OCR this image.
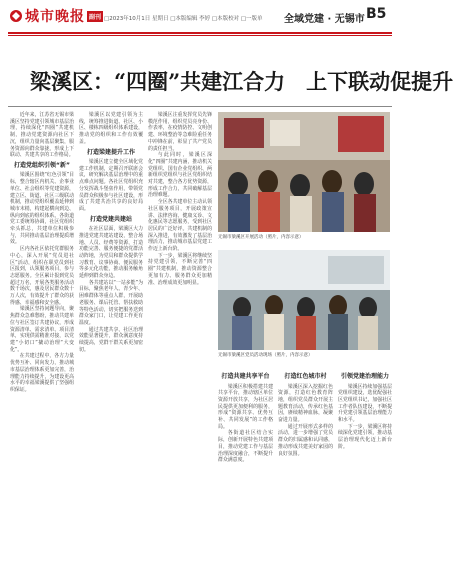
城市晚报 副刊 □2023年10月1日 星期日 □本版编辑 李婷 □本版校对 □一版单 全域党建 · 无锡市 B5
梁溪区：“四圈”共建江合力　上下联动促提升

近年来，江苏省无锡市梁溪区坚持党建引领城市基层治理，持续深化“四圈”共建机制，推动党建资源向社区下沉，组织力量向基层聚集，服务资源向群众靠拢，形成上下联动、共建共享的工作格局。

打造党组织引领“新”

梁溪区围绕“红色引领”目标，整合辖区内机关、企事业单位、社会组织等党建资源，建立区、街道、社区三级联动机制，推动党组织覆盖延伸到城市末梢，构建起横向到边、纵向到底的组织体系。各街道党工委统筹协调，社区党组织牵头抓总，共建单位积极参与，共同推动基层治理提质增效。

区内各社区依托党群服务中心，深入开展“党员进社区”活动，组织在职党员到社区报到，认领服务项目，参与志愿服务。全区累计报到党员超过万名，开展各类服务活动数千场次，惠及居民群众数十万人次，有效提升了群众的获得感、幸福感和安全感。

梁溪区坚持问题导向，聚焦群众急难愁盼，推动共建单位与社区签订共建协议，形成资源清单、需求清单、项目清单，实现供需精准对接，以党建“小切口”撬动治理“大变化”。

在共建过程中，各方力量优势互补、同向发力，推动城市基层治理体系更加完善，治理能力持续提升，为建设更高水平的幸福梁溪提供了坚强组织保证。

梁溪区以党建引领为主线，统筹推进街道、社区、小区、楼栋四级组织体系建设，推动党的组织和工作有效覆盖。

打造梁建提升工作

梁溪区建立健全区域化党建工作机制，定期召开联席会议，研究解决基层治理中的重点难点问题。各社区党组织充分发挥战斗堡垒作用，带领党员群众积极参与社区建设，形成了共建共治共享的良好局面。

打造党建共建站

在社区层面，梁溪区大力推进党建共建站建设，整合场地、人员、经费等资源，打造功能完善、服务便捷的党群活动阵地，为党员和群众提供学习教育、议事协商、便民服务等多元化功能，推动服务触角延伸到群众身边。

各共建站以“一站多能”为目标，聚焦老年人、青少年、困难群体等重点人群，开展助老服务、课后托管、帮扶救助等特色活动，切实把服务送到群众家门口，让党建工作更有温度。

通过共建共享，社区治理效能显著提升，群众满意度持续提高，党群干群关系更加密切。

梁溪区注重发挥党员先锋模范作用，组织党员亮身份、作表率，在疫情防控、文明创建、环境整治等急难险重任务中冲锋在前，彰显了共产党员的责任担当。

与此同时，梁溪区深化“四圈”共建内涵，推动机关党组织、国有企业党组织、两新组织党组织与社区党组织结对共建，整合各方优势资源，形成工作合力，共同破解基层治理难题。

全区各共建单位主动认领社区服务项目，开展政策宣讲、法律咨询、健康义诊、文化惠民等志愿服务，受到社区居民的广泛好评。共建机制的深入推进，有效激发了基层治理活力，推动城市基层党建工作迈上新台阶。

下一步，梁溪区将继续坚持党建引领，不断完善“四圈”共建机制，推动资源整合更加有力、服务群众更加精准、治理成效更加明显。

无锡市梁溪区开展活动（照片，内容示意）
无锡市梁溪区党员活动现场（照片，内容示意）
打造共建共享平台

梁溪区积极搭建共建共享平台，推动辖区单位资源开放共享，为社区居民提供更加便利的服务，形成“资源共享、优势互补、共同发展”的工作格局。

各街道社区结合实际，创新开展特色共建项目，推动党建工作与基层治理深度融合，不断提升群众满意度。

打造红色城市村

梁溪区深入挖掘红色资源，打造红色教育阵地，组织党员群众开展主题教育活动，传承红色基因，赓续精神血脉，凝聚奋进力量。

通过开展形式多样的活动，进一步增强了党员群众的归属感和认同感，推动形成共建美好家园的良好氛围。

引领党建治理能力

梁溪区持续加强基层党组织建设，选优配强社区党组织书记，加强社区工作者队伍建设，不断提升党建引领基层治理能力和水平。

下一步，梁溪区将持续深化党建引领，推动基层治理现代化迈上新台阶。
